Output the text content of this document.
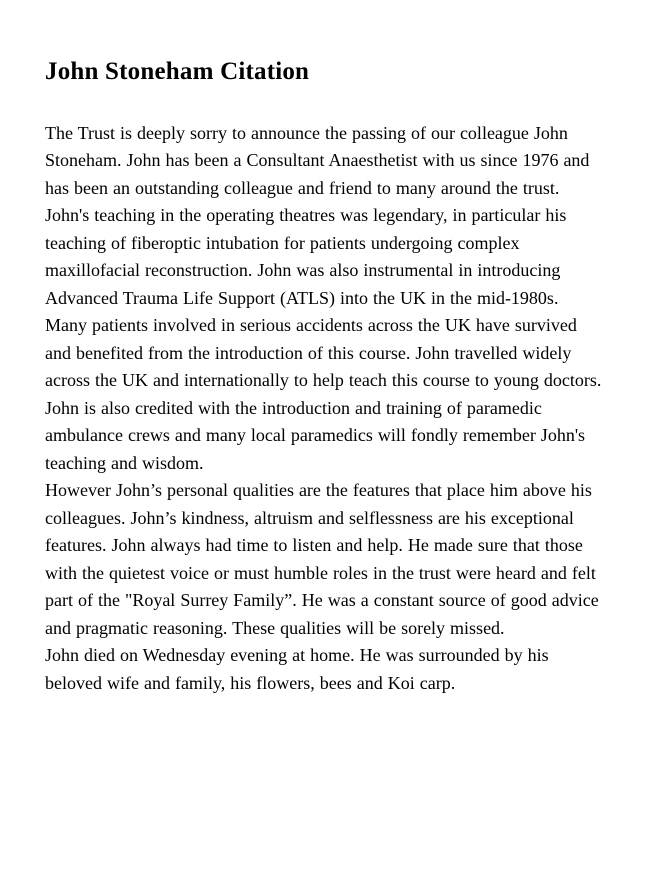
John Stoneham Citation

The Trust is deeply sorry to announce the passing of our colleague John Stoneham. John has been a Consultant Anaesthetist with us since 1976 and has been an outstanding colleague and friend to many around the trust.

John's teaching in the operating theatres was legendary, in particular his teaching of fiberoptic intubation for patients undergoing complex maxillofacial reconstruction. John was also instrumental in introducing Advanced Trauma Life Support (ATLS) into the UK in the mid-1980s. Many patients involved in serious accidents across the UK have survived and benefited from the introduction of this course. John travelled widely across the UK and internationally to help teach this course to young doctors. John is also credited with the introduction and training of paramedic ambulance crews and many local paramedics will fondly remember John's teaching and wisdom.

However John’s personal qualities are the features that place him above his colleagues. John’s kindness, altruism and selflessness are his exceptional features. John always had time to listen and help. He made sure that those with the quietest voice or must humble roles in the trust were heard and felt part of the "Royal Surrey Family”. He was a constant source of good advice and pragmatic reasoning. These qualities will be sorely missed.

John died on Wednesday evening at home. He was surrounded by his beloved wife and family, his flowers, bees and Koi carp.
